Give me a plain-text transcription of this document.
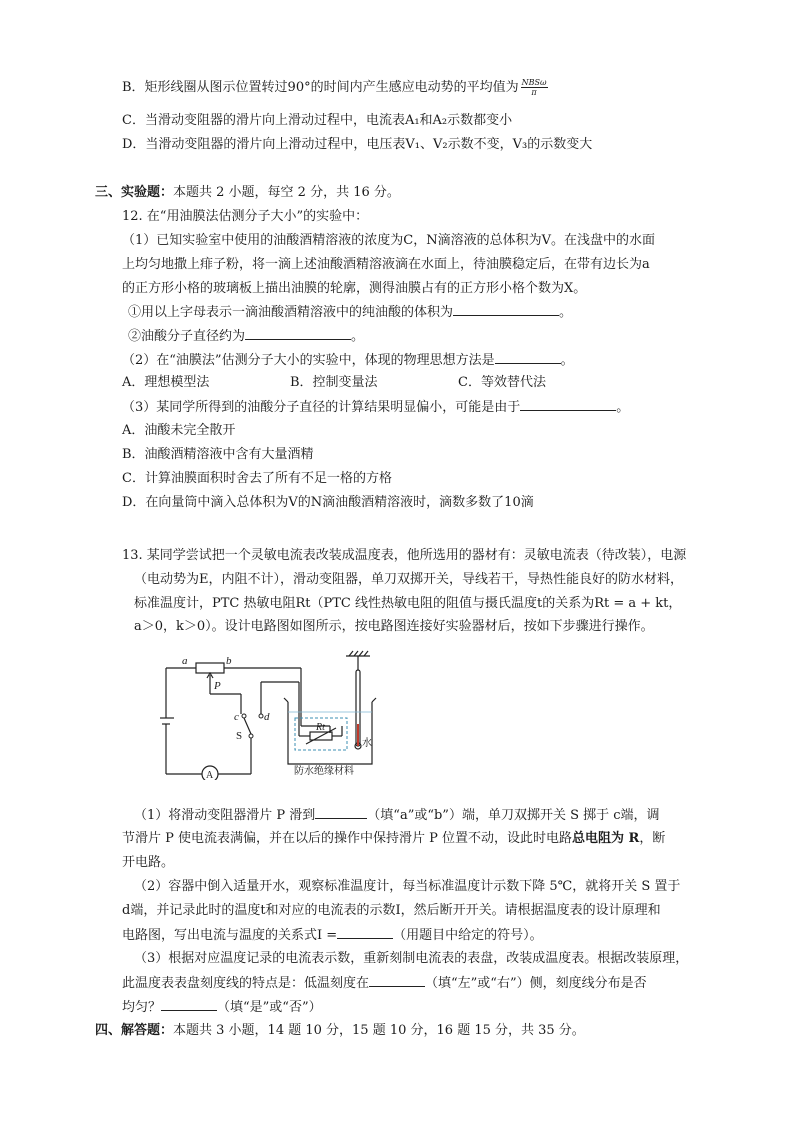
B．矩形线圈从图示位置转过90°的时间内产生感应电动势的平均值为 $\frac{\text{NBSω}}{\pi}$
C．当滑动变阻器的滑片向上滑动过程中，电流表A₁和A₂示数都变小
D．当滑动变阻器的滑片向上滑动过程中，电压表V₁、V₂示数不变，V₃的示数变大
三、实验题：本题共 2 小题，每空 2 分，共 16 分。
12. 在“用油膜法估测分子大小”的实验中：
（1）已知实验室中使用的油酸酒精溶液的浓度为C，N滴溶液的总体积为V。在浅盘中的水面
上均匀地撒上痱子粉，将一滴上述油酸酒精溶液滴在水面上，待油膜稳定后，在带有边长为a
的正方形小格的玻璃板上描出油膜的轮廓，测得油膜占有的正方形小格个数为X。
①用以上字母表示一滴油酸酒精溶液中的纯油酸的体积为	。
②油酸分子直径约为	。
（2）在“油膜法”估测分子大小的实验中，体现的物理思想方法是	。
A．理想模型法	B．控制变量法	C．等效替代法
（3）某同学所得到的油酸分子直径的计算结果明显偏小，可能是由于	。
A．油酸未完全散开
B．油酸酒精溶液中含有大量酒精
C．计算油膜面积时舍去了所有不足一格的方格
D．在向量筒中滴入总体积为V的N滴油酸酒精溶液时，滴数多数了10滴
13. 某同学尝试把一个灵敏电流表改装成温度表，他所选用的器材有：灵敏电流表（待改装），电源
（电动势为E，内阻不计），滑动变阻器，单刀双掷开关，导线若干，导热性能良好的防水材料，
标准温度计，PTC 热敏电阻Rt（PTC 线性热敏电阻的阻值与摄氏温度t的关系为Rt = a + kt，
a＞0，k＞0）。设计电路图如图所示，按电路图连接好实验器材后，按如下步骤进行操作。
a	b
P
c d
S
A
Rt
水
防水绝缘材料
（1）将滑动变阻器滑片 P 滑到	（填“a”或“b”）端，单刀双掷开关 S 掷于 c端，调
节滑片 P 使电流表满偏，并在以后的操作中保持滑片 P 位置不动，设此时电路总电阻为 R，断
开电路。
（2）容器中倒入适量开水，观察标准温度计，每当标准温度计示数下降 5℃，就将开关 S 置于
d端，并记录此时的温度t和对应的电流表的示数I，然后断开开关。请根据温度表的设计原理和
电路图，写出电流与温度的关系式I =	（用题目中给定的符号）。
（3）根据对应温度记录的电流表示数，重新刻制电流表的表盘，改装成温度表。根据改装原理，
此温度表表盘刻度线的特点是：低温刻度在	（填“左”或“右”）侧，刻度线分布是否
均匀？	（填“是”或“否”）
四、解答题：本题共 3 小题，14 题 10 分，15 题 10 分，16 题 15 分，共 35 分。
